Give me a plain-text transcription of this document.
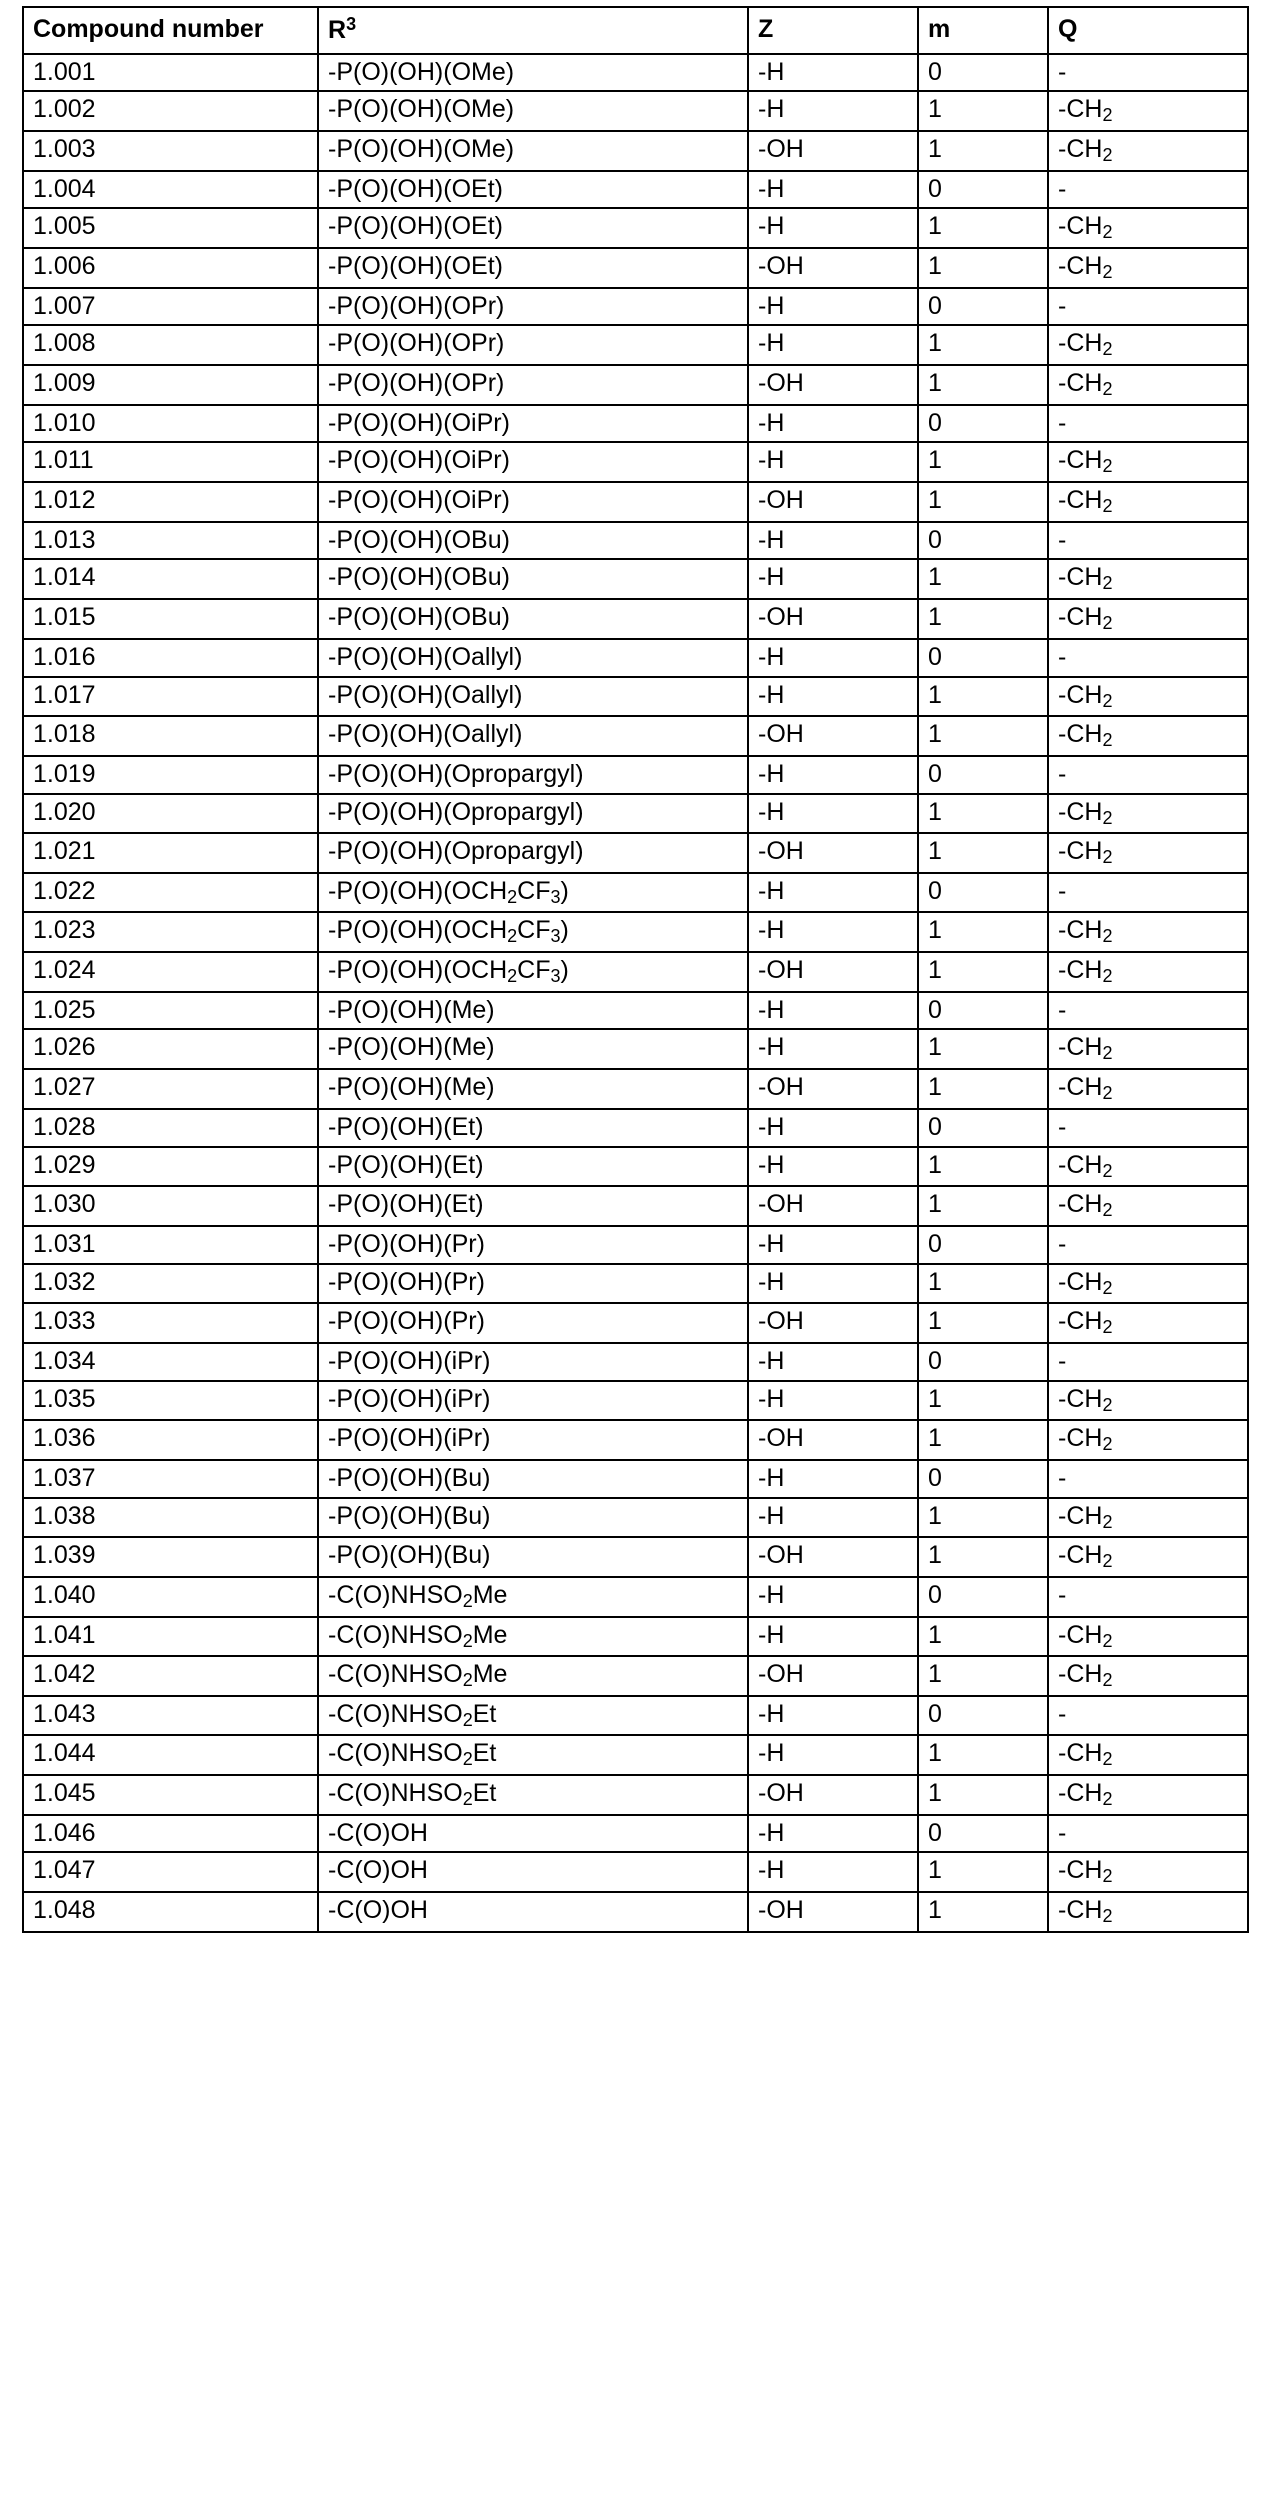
Compound number	$R^3$	Z	m	Q
1.001	-P(O)(OH)(OMe)	-H	0	-
1.002	-P(O)(OH)(OMe)	-H	1	$-CH_2$
1.003	-P(O)(OH)(OMe)	-OH	1	$-CH_2$
1.004	-P(O)(OH)(OEt)	-H	0	-
1.005	-P(O)(OH)(OEt)	-H	1	$-CH_2$
1.006	-P(O)(OH)(OEt)	-OH	1	$-CH_2$
1.007	-P(O)(OH)(OPr)	-H	0	-
1.008	-P(O)(OH)(OPr)	-H	1	$-CH_2$
1.009	-P(O)(OH)(OPr)	-OH	1	$-CH_2$
1.010	-P(O)(OH)(OiPr)	-H	0	-
1.011	-P(O)(OH)(OiPr)	-H	1	$-CH_2$
1.012	-P(O)(OH)(OiPr)	-OH	1	$-CH_2$
1.013	-P(O)(OH)(OBu)	-H	0	-
1.014	-P(O)(OH)(OBu)	-H	1	$-CH_2$
1.015	-P(O)(OH)(OBu)	-OH	1	$-CH_2$
1.016	-P(O)(OH)(Oallyl)	-H	0	-
1.017	-P(O)(OH)(Oallyl)	-H	1	$-CH_2$
1.018	-P(O)(OH)(Oallyl)	-OH	1	$-CH_2$
1.019	-P(O)(OH)(Opropargyl)	-H	0	-
1.020	-P(O)(OH)(Opropargyl)	-H	1	$-CH_2$
1.021	-P(O)(OH)(Opropargyl)	-OH	1	$-CH_2$
1.022	$-P(O)(OH)(OCH_2CF_3)$	-H	0	-
1.023	$-P(O)(OH)(OCH_2CF_3)$	-H	1	$-CH_2$
1.024	$-P(O)(OH)(OCH_2CF_3)$	-OH	1	$-CH_2$
1.025	-P(O)(OH)(Me)	-H	0	-
1.026	-P(O)(OH)(Me)	-H	1	$-CH_2$
1.027	-P(O)(OH)(Me)	-OH	1	$-CH_2$
1.028	-P(O)(OH)(Et)	-H	0	-
1.029	-P(O)(OH)(Et)	-H	1	$-CH_2$
1.030	-P(O)(OH)(Et)	-OH	1	$-CH_2$
1.031	-P(O)(OH)(Pr)	-H	0	-
1.032	-P(O)(OH)(Pr)	-H	1	$-CH_2$
1.033	-P(O)(OH)(Pr)	-OH	1	$-CH_2$
1.034	-P(O)(OH)(iPr)	-H	0	-
1.035	-P(O)(OH)(iPr)	-H	1	$-CH_2$
1.036	-P(O)(OH)(iPr)	-OH	1	$-CH_2$
1.037	-P(O)(OH)(Bu)	-H	0	-
1.038	-P(O)(OH)(Bu)	-H	1	$-CH_2$
1.039	-P(O)(OH)(Bu)	-OH	1	$-CH_2$
1.040	$-C(O)NHSO_2Me$	-H	0	-
1.041	$-C(O)NHSO_2Me$	-H	1	$-CH_2$
1.042	$-C(O)NHSO_2Me$	-OH	1	$-CH_2$
1.043	$-C(O)NHSO_2Et$	-H	0	-
1.044	$-C(O)NHSO_2Et$	-H	1	$-CH_2$
1.045	$-C(O)NHSO_2Et$	-OH	1	$-CH_2$
1.046	-C(O)OH	-H	0	-
1.047	-C(O)OH	-H	1	$-CH_2$
1.048	-C(O)OH	-OH	1	$-CH_2$
